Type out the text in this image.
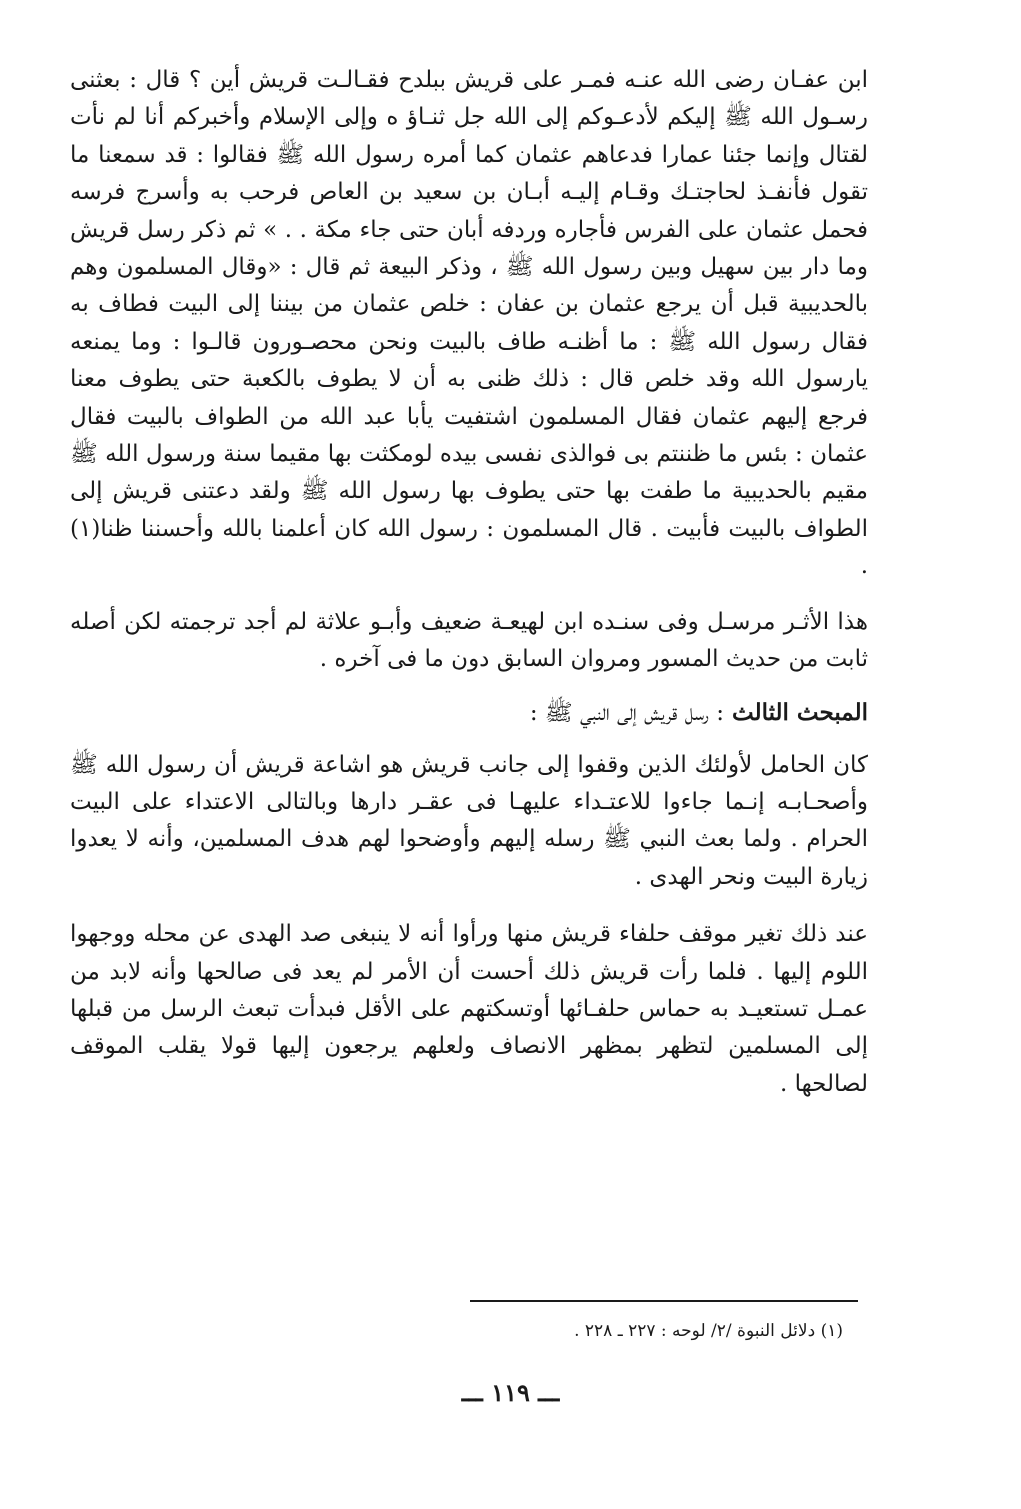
ابن عفـان رضى الله عنـه فمـر على قريش ببلدح فقـالـت قريش أين ؟ قال : بعثنى رسـول الله ﷺ إليكم لأدعـوكم إلى الله جل ثنـاؤ ه وإلى الإسلام وأخبركم أنا لم نأت لقتال وإنما جئنا عمارا فدعاهم عثمان كما أمره رسول الله ﷺ فقالوا : قد سمعنا ما تقول فأنفـذ لحاجتـك وقـام إليـه أبـان بن سعيد بن العاص فرحب به وأسرج فرسه فحمل عثمان على الفرس فأجاره وردفه أبان حتى جاء مكة . . » ثم ذكر رسل قريش وما دار بين سهيل وبين رسول الله ﷺ ، وذكر البيعة ثم قال : «وقال المسلمون وهم بالحديبية قبل أن يرجع عثمان بن عفان : خلص عثمان من بيننا إلى البيت فطاف به فقال رسول الله ﷺ : ما أظنـه طاف بالبيت ونحن محصـورون قالـوا : وما يمنعه يارسول الله وقد خلص قال : ذلك ظنى به أن لا يطوف بالكعبة حتى يطوف معنا فرجع إليهم عثمان فقال المسلمون اشتفيت يأبا عبد الله من الطواف بالبيت فقال عثمان : بئس ما ظننتم بى فوالذى نفسى بيده لومكثت بها مقيما سنة ورسول الله ﷺ مقيم بالحديبية ما طفت بها حتى يطوف بها رسول الله ﷺ ولقد دعتنى قريش إلى الطواف بالبيت فأبيت . قال المسلمون : رسول الله كان أعلمنا بالله وأحسننا ظنا(١) .

هذا الأثـر مرسـل وفى سنـده ابن لهيعـة ضعيف وأبـو علاثة لم أجد ترجمته لكن أصله ثابت من حديث المسور ومروان السابق دون ما فى آخره .

المبحث الثالث : رسل قريش إلى النبي ﷺ :

كان الحامل لأولئك الذين وقفوا إلى جانب قريش هو اشاعة قريش أن رسول الله ﷺ وأصحـابـه إنـما جاءوا للاعتـداء عليهـا فى عقـر دارها وبالتالى الاعتداء على البيت الحرام . ولما بعث النبي ﷺ رسله إليهم وأوضحوا لهم هدف المسلمين، وأنه لا يعدوا زيارة البيت ونحر الهدى .

عند ذلك تغير موقف حلفاء قريش منها ورأوا أنه لا ينبغى صد الهدى عن محله ووجهوا اللوم إليها . فلما رأت قريش ذلك أحست أن الأمر لم يعد فى صالحها وأنه لابد من عمـل تستعيـد به حماس حلفـائها أوتسكتهم على الأقل فبدأت تبعث الرسل من قبلها إلى المسلمين لتظهر بمظهر الانصاف ولعلهم يرجعون إليها قولا يقلب الموقف لصالحها .

(١) دلائل النبوة /٢/ لوحه : ٢٢٧ ـ ٢٢٨ .
ـــ ١١٩ ـــ
